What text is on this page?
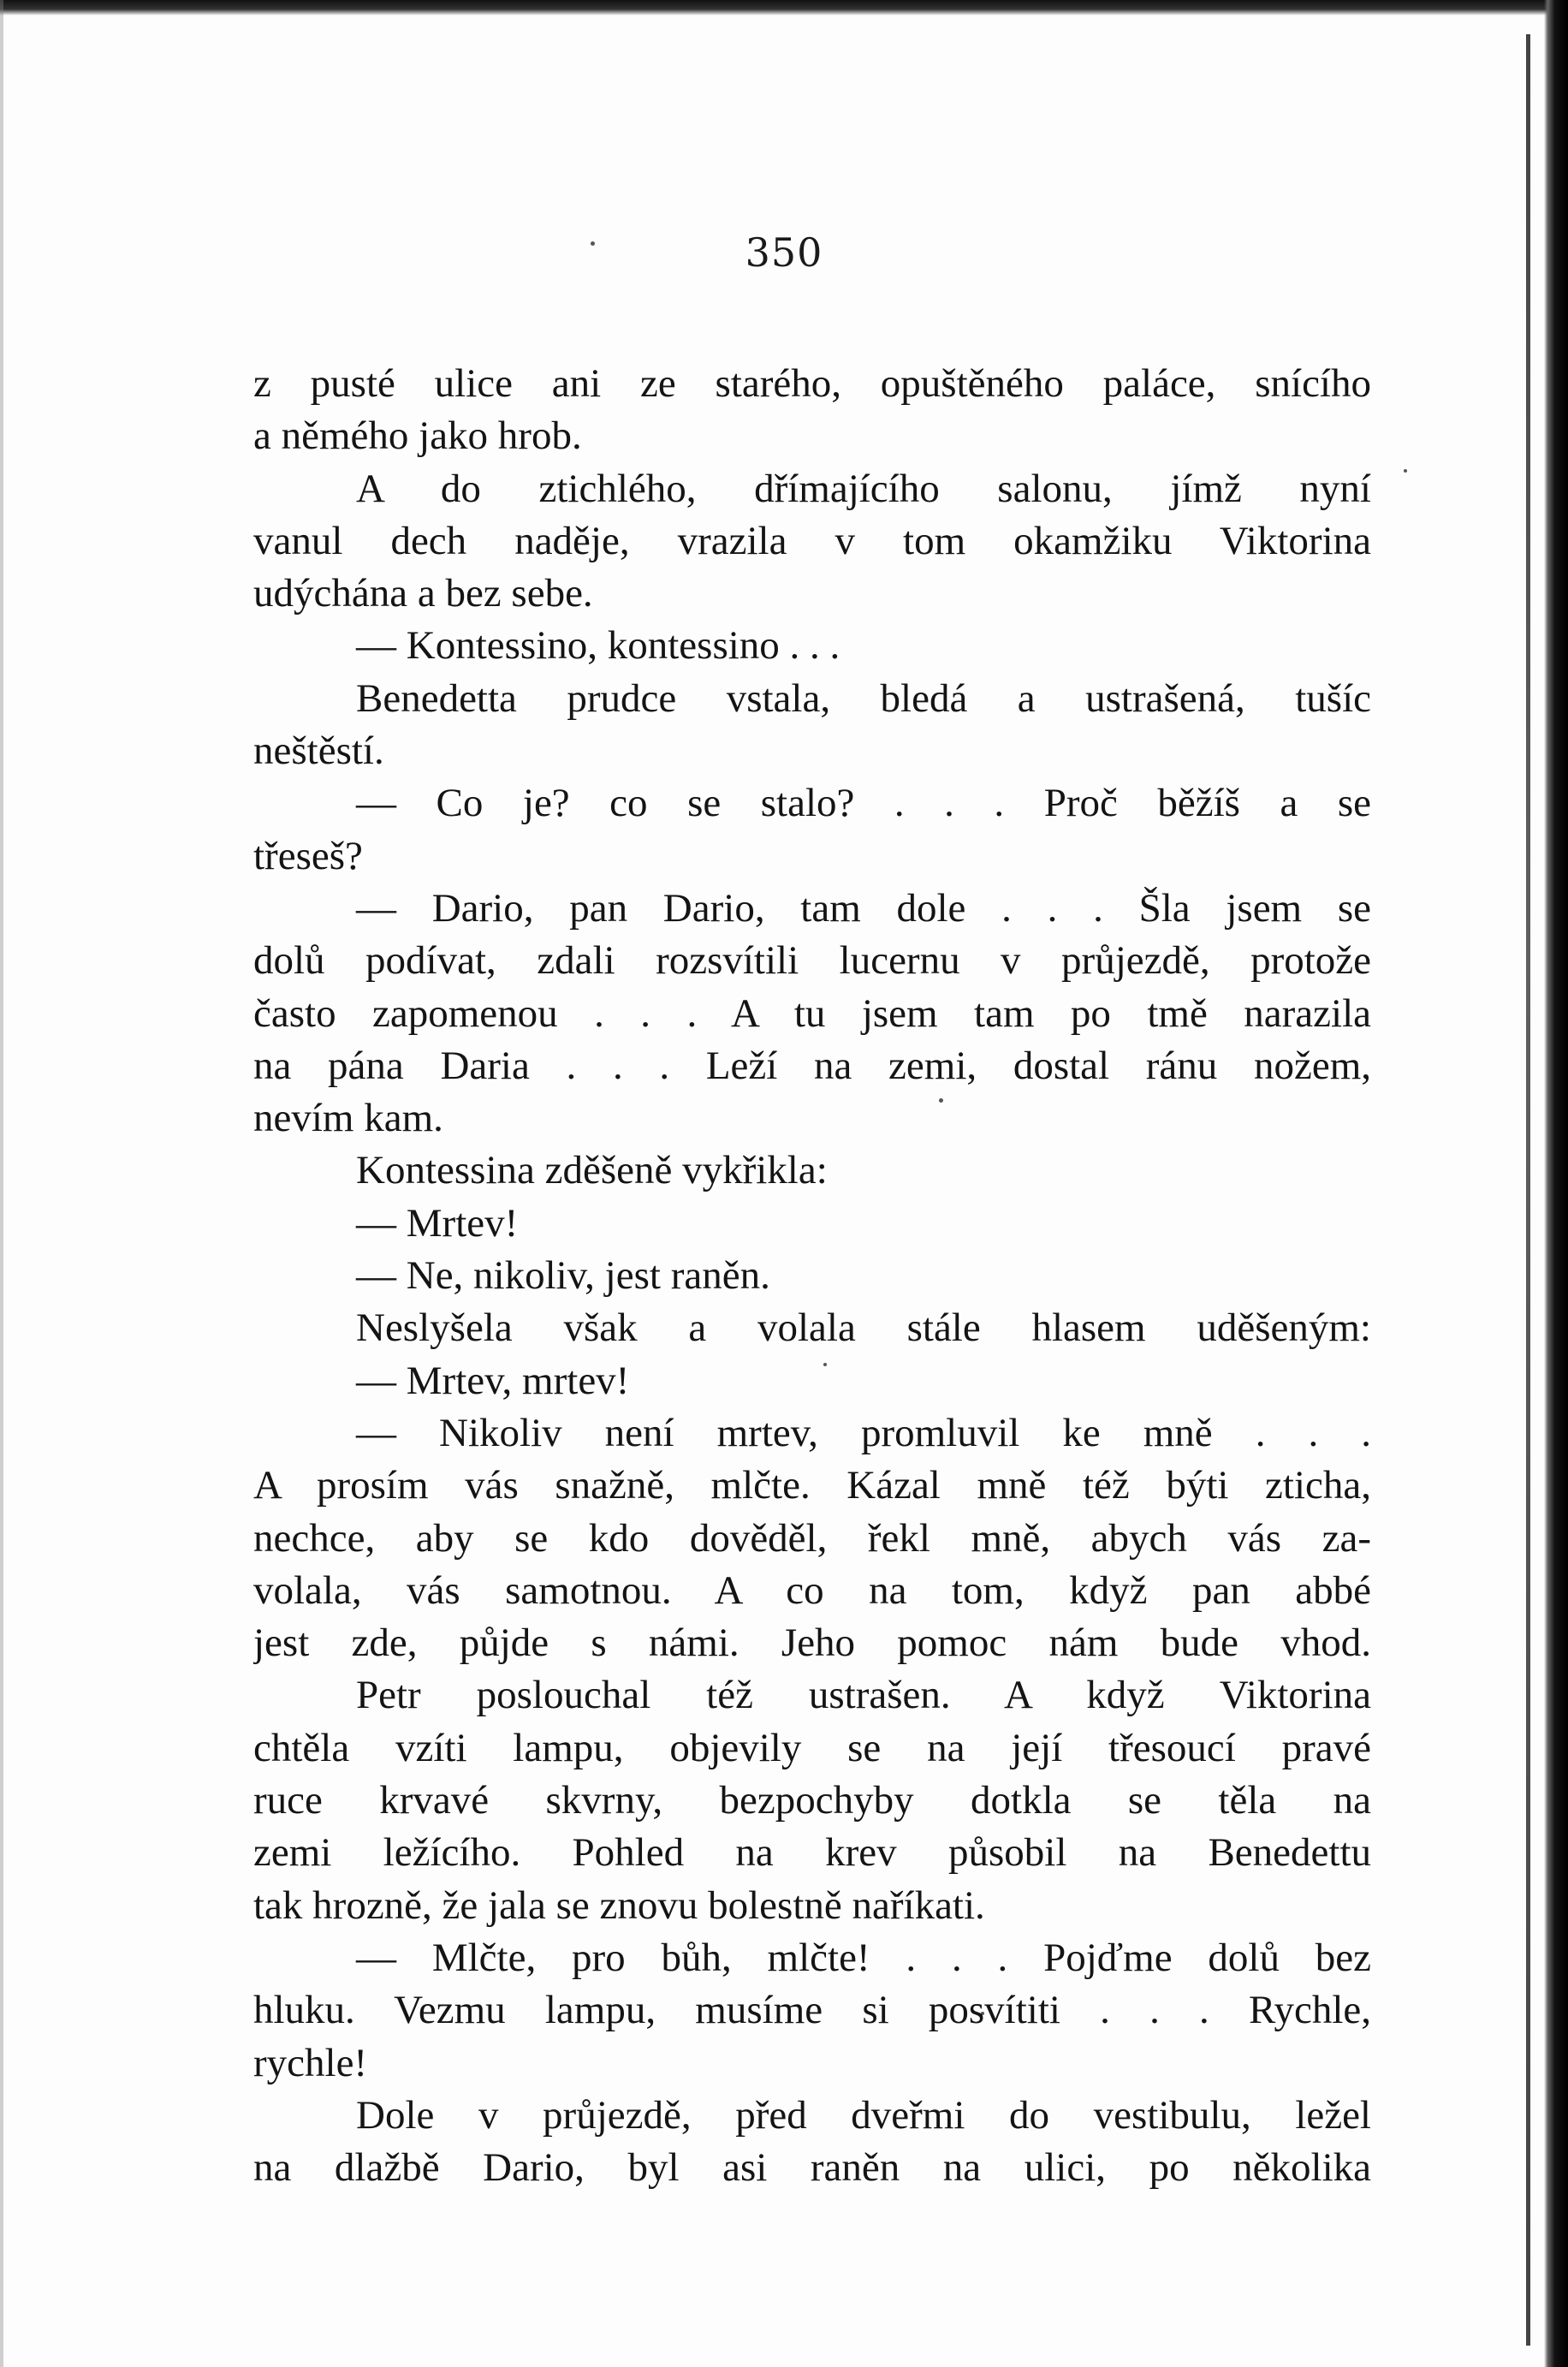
350
z pusté ulice ani ze starého, opuštěného paláce, snícího
a němého jako hrob.
A do ztichlého, dřímajícího salonu, jímž nyní
vanul dech naděje, vrazila v tom okamžiku Viktorina
udýchána a bez sebe.
— Kontessino, kontessino . . .
Benedetta prudce vstala, bledá a ustrašená, tušíc
neštěstí.
— Co je? co se stalo? . . . Proč běžíš a se
třeseš?
— Dario, pan Dario, tam dole . . . Šla jsem se
dolů podívat, zdali rozsvítili lucernu v průjezdě, protože
často zapomenou . . . A tu jsem tam po tmě narazila
na pána Daria . . . Leží na zemi, dostal ránu nožem,
nevím kam.
Kontessina zděšeně vykřikla:
— Mrtev!
— Ne, nikoliv, jest raněn.
Neslyšela však a volala stále hlasem uděšeným:
— Mrtev, mrtev!
— Nikoliv není mrtev, promluvil ke mně . . .
A prosím vás snažně, mlčte. Kázal mně též býti zticha,
nechce, aby se kdo dověděl, řekl mně, abych vás za-
volala, vás samotnou. A co na tom, když pan abbé
jest zde, půjde s námi. Jeho pomoc nám bude vhod.
Petr poslouchal též ustrašen. A když Viktorina
chtěla vzíti lampu, objevily se na její třesoucí pravé
ruce krvavé skvrny, bezpochyby dotkla se těla na
zemi ležícího. Pohled na krev působil na Benedettu
tak hrozně, že jala se znovu bolestně naříkati.
— Mlčte, pro bůh, mlčte! . . . Pojďme dolů bez
hluku. Vezmu lampu, musíme si posvítiti . . . Rychle,
rychle!
Dole v průjezdě, před dveřmi do vestibulu, ležel
na dlažbě Dario, byl asi raněn na ulici, po několika
